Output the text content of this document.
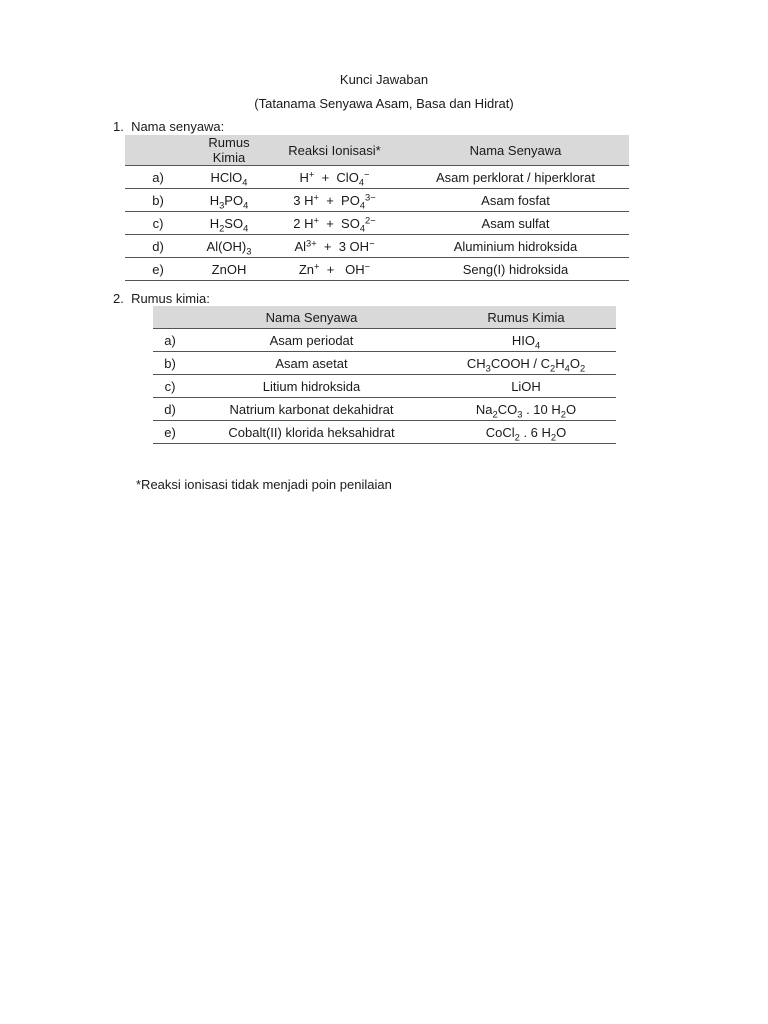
Kunci Jawaban
(Tatanama Senyawa Asam, Basa dan Hidrat)
1.  Nama senyawa:
	Rumus Kimia	Reaksi Ionisasi*	Nama Senyawa
a)	HClO$_4$	H+  +  ClO$_4$−	Asam perklorat / hiperklorat
b)	$H_3PO_4$	3 $H^+ + PO_4^{3-}$	Asam fosfat
c)	$H_2SO_4$	2 $H^+ + SO_4^{2-}$	Asam sulfat
d)	$Al(OH)_3$	$Al^{3+} + 3$ OH−	Aluminium hidroksida
e)	ZnOH	Zn+  +   OH−	Seng(I) hidroksida
2.  Rumus kimia:
	Nama Senyawa	Rumus Kimia
a)	Asam periodat	$HIO_4$
b)	Asam asetat	$CH_3COOH / C_2H_4O_2$
c)	Litium hidroksida	LiOH
d)	Natrium karbonat dekahidrat	$Na_2CO_3$ . 10 $H_2O$
e)	Cobalt(II) klorida heksahidrat	CoCl$_2$ . 6 $H_2O$
*Reaksi ionisasi tidak menjadi poin penilaian
